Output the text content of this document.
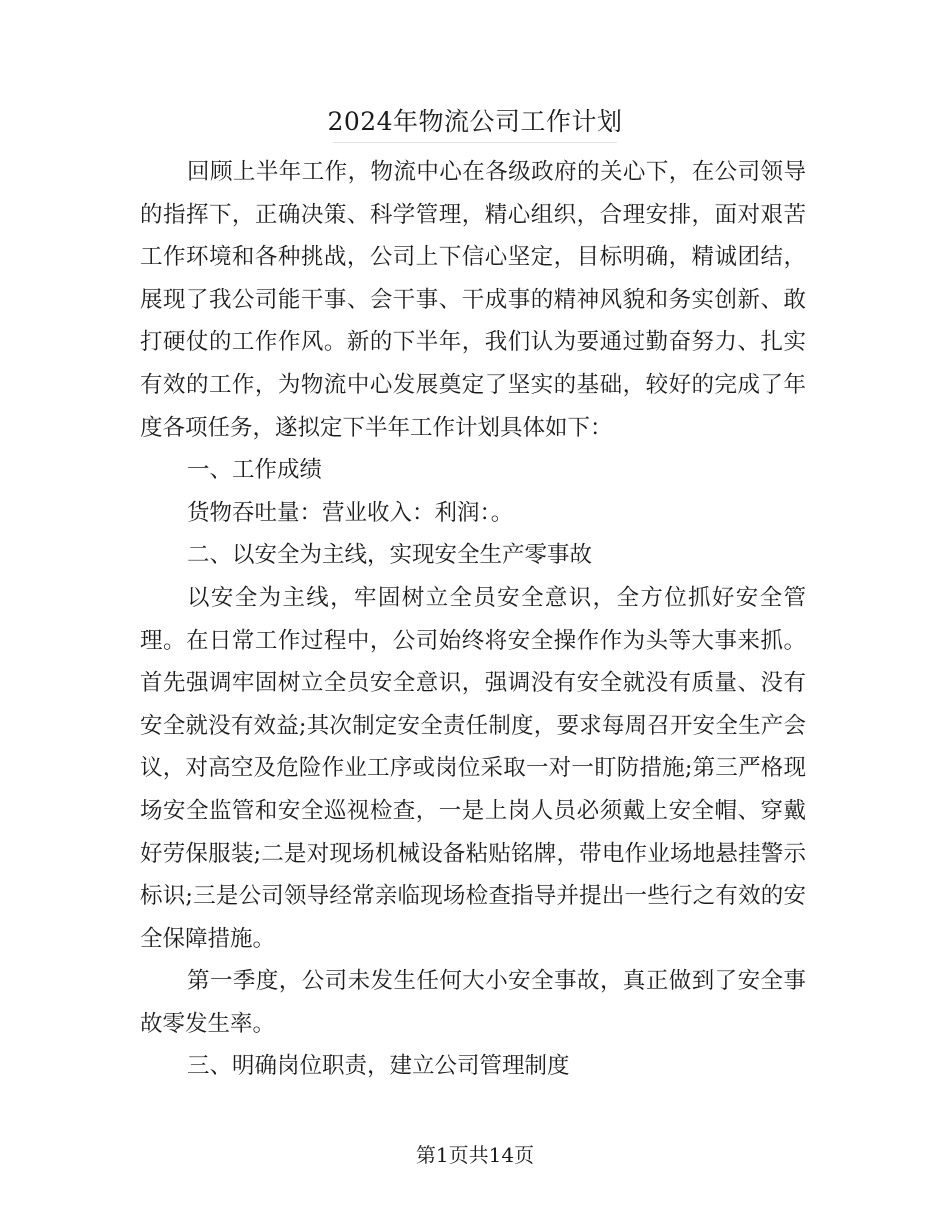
2024年物流公司工作计划

回顾上半年工作，物流中心在各级政府的关心下，在公司领导的指挥下，正确决策、科学管理，精心组织，合理安排，面对艰苦工作环境和各种挑战，公司上下信心坚定，目标明确，精诚团结，展现了我公司能干事、会干事、干成事的精神风貌和务实创新、敢打硬仗的工作作风。新的下半年，我们认为要通过勤奋努力、扎实有效的工作，为物流中心发展奠定了坚实的基础，较好的完成了年度各项任务，遂拟定下半年工作计划具体如下：

一、工作成绩

货物吞吐量：营业收入：利润：。

二、以安全为主线，实现安全生产零事故

以安全为主线，牢固树立全员安全意识，全方位抓好安全管理。在日常工作过程中，公司始终将安全操作作为头等大事来抓。首先强调牢固树立全员安全意识，强调没有安全就没有质量、没有安全就没有效益;其次制定安全责任制度，要求每周召开安全生产会议，对高空及危险作业工序或岗位采取一对一盯防措施;第三严格现场安全监管和安全巡视检查，一是上岗人员必须戴上安全帽、穿戴好劳保服装;二是对现场机械设备粘贴铭牌，带电作业场地悬挂警示标识;三是公司领导经常亲临现场检查指导并提出一些行之有效的安全保障措施。

第一季度，公司未发生任何大小安全事故，真正做到了安全事故零发生率。

三、明确岗位职责，建立公司管理制度

第1页共14页
